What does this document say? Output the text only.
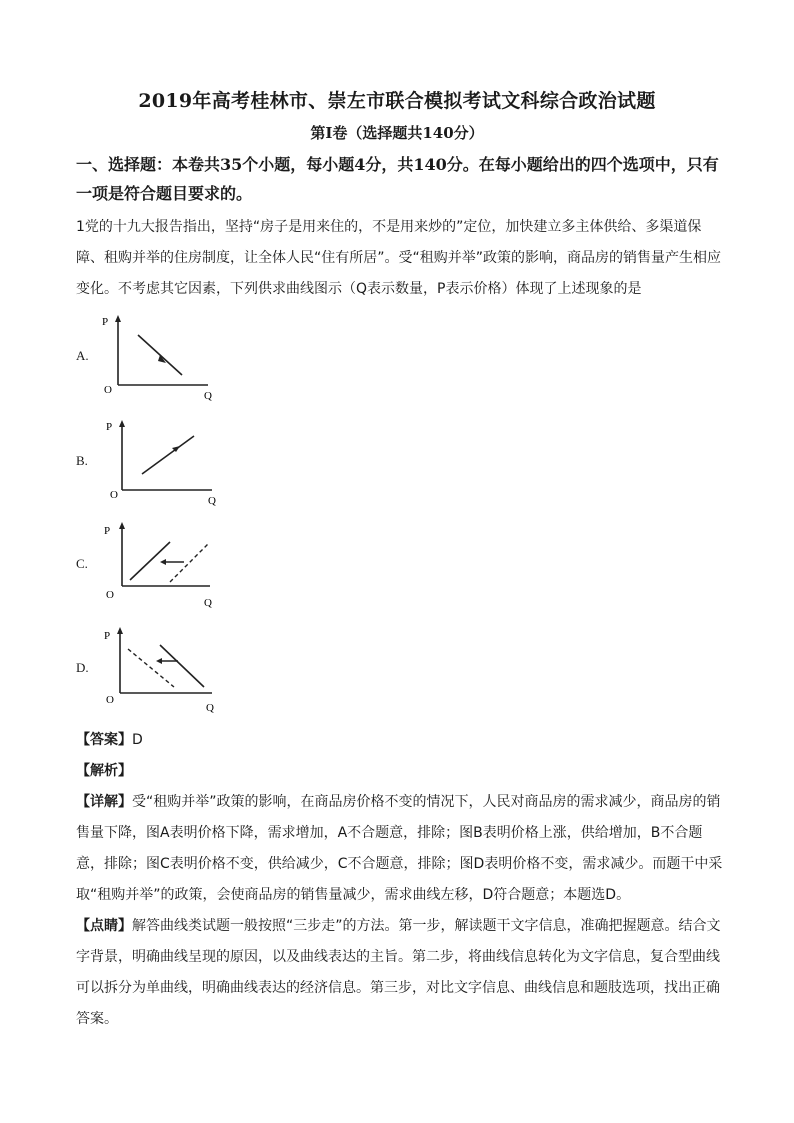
2019年高考桂林市、崇左市联合模拟考试文科综合政治试题
第Ⅰ卷（选择题共140分）
一、选择题：本卷共35个小题，每小题4分，共140分。在每小题给出的四个选项中，只有一项是符合题目要求的。
1党的十九大报告指出，坚持“房子是用来住的，不是用来炒的”定位，加快建立多主体供给、多渠道保障、租购并举的住房制度，让全体人民“住有所居”。受“租购并举”政策的影响，商品房的销售量产生相应变化。不考虑其它因素，下列供求曲线图示（Q表示数量，P表示价格）体现了上述现象的是
A.
P
O	Q
B.
P
O	Q
C.
P
O
Q
D.
P
O
Q

【答案】D

【解析】

【详解】受“租购并举”政策的影响，在商品房价格不变的情况下，人民对商品房的需求减少，商品房的销售量下降，图A表明价格下降，需求增加，A不合题意，排除；图B表明价格上涨，供给增加，B不合题意，排除；图C表明价格不变，供给减少，C不合题意，排除；图D表明价格不变，需求减少。而题干中采取“租购并举”的政策，会使商品房的销售量减少，需求曲线左移，D符合题意；本题选D。

【点睛】解答曲线类试题一般按照“三步走”的方法。第一步，解读题干文字信息，准确把握题意。结合文字背景，明确曲线呈现的原因，以及曲线表达的主旨。第二步，将曲线信息转化为文字信息，复合型曲线可以拆分为单曲线，明确曲线表达的经济信息。第三步，对比文字信息、曲线信息和题肢选项，找出正确答案。
